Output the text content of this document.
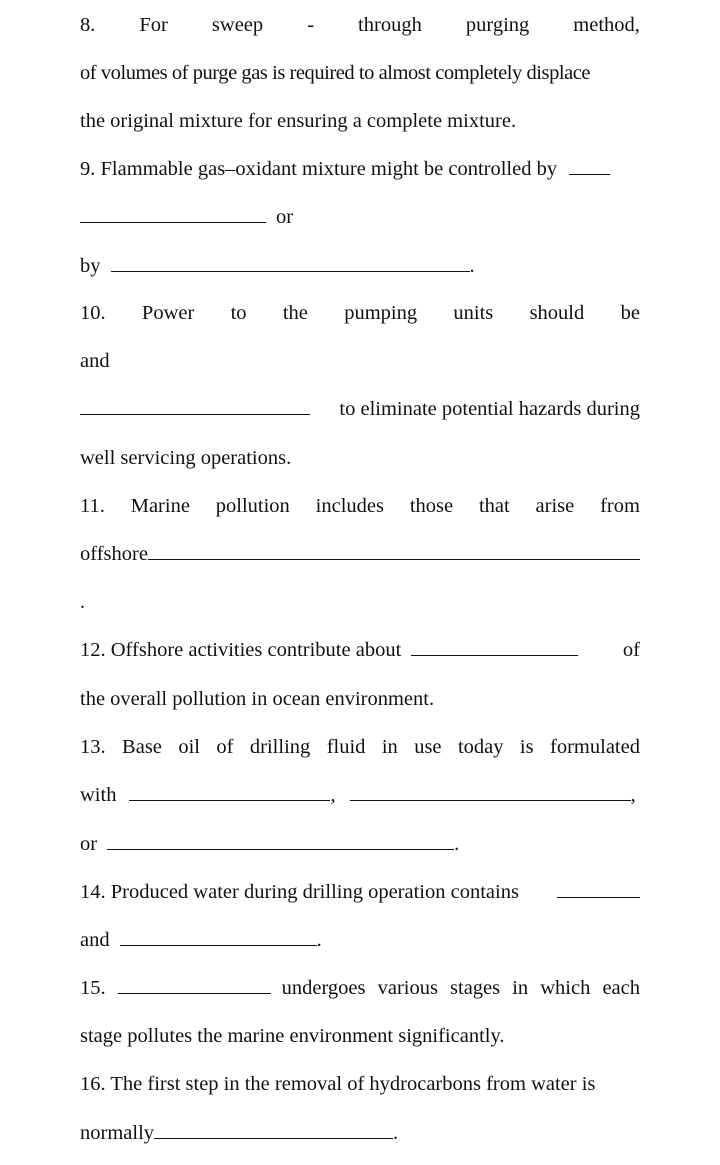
8. For sweep - through purging method,
of volumes of purge gas is required to almost completely displace
the original mixture for ensuring a complete mixture.
9. Flammable gas–oxidant mixture might be controlled by
or
by	.
10. Power to the pumping units should be
and
to eliminate potential hazards during
well servicing operations.
11. Marine pollution includes those that arise from
offshore
.
12. Offshore activities contribute about	of
the overall pollution in ocean environment.
13. Base oil of drilling fluid in use today is formulated
with	,	,
or	.
14. Produced water during drilling operation contains
and	.
15.	undergoes various stages in which each
stage pollutes the marine environment significantly.
16. The first step in the removal of hydrocarbons from water is
normally	.
